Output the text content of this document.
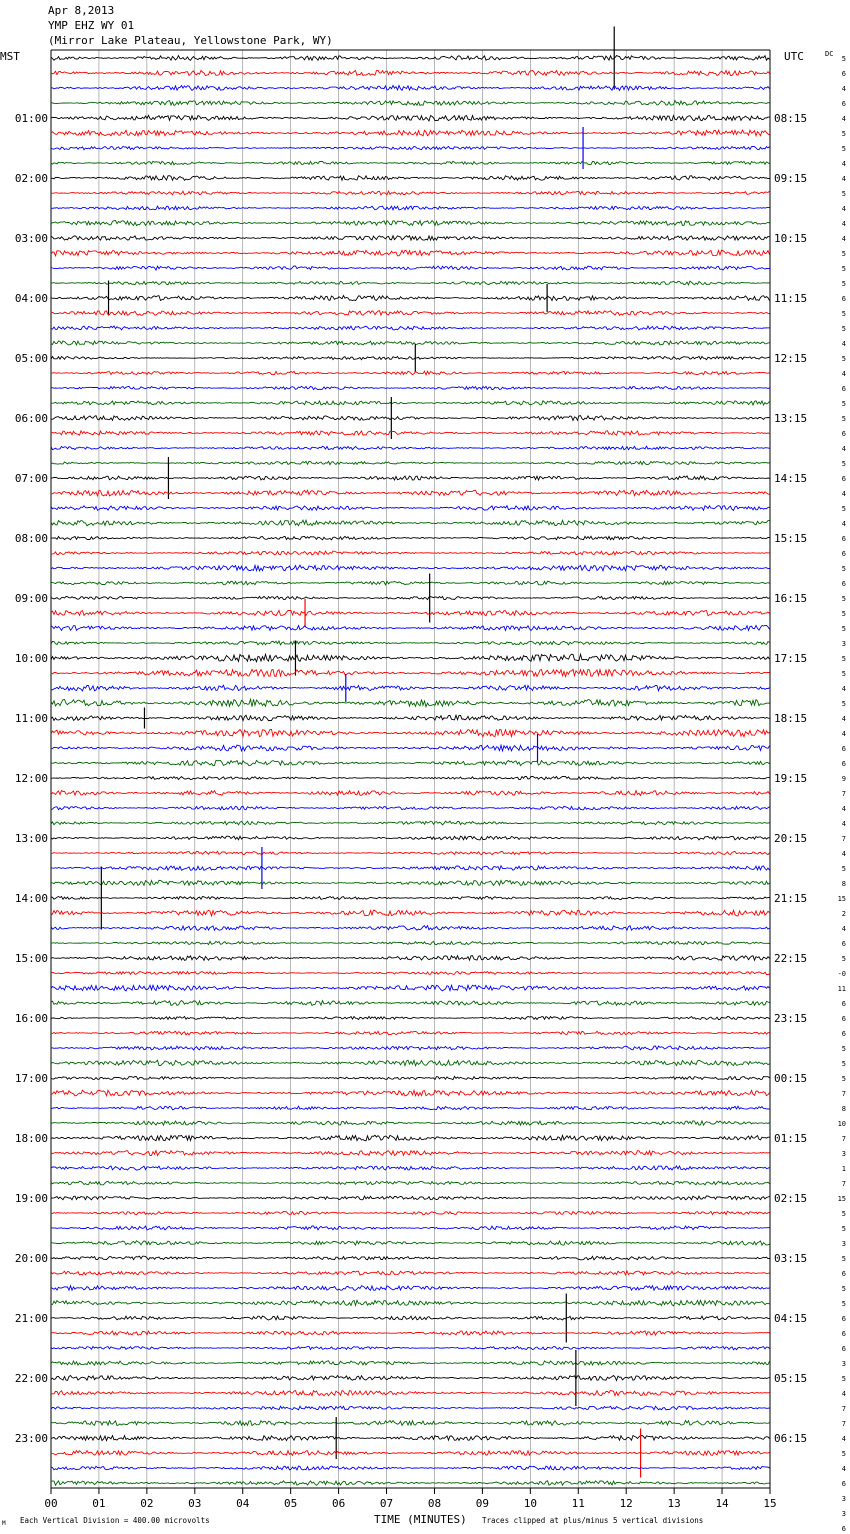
Apr 8,2013
YMP EHZ WY 01
(Mirror Lake Plateau, Yellowstone Park, WY)
01:00
02:00
03:00
04:00
05:00
06:00
07:00
08:00
09:00
10:00
11:00
12:00
13:00
14:00
15:00
16:00
17:00
18:00
19:00
20:00
21:00
22:00
23:00
08:15
09:15
10:15
11:15
12:15
13:15
14:15
15:15
16:15
17:15
18:15
19:15
20:15
21:15
22:15
23:15
00:15
01:15
02:15
03:15
04:15
05:15
06:15
5
6
4
6
4
5
5
4
4
5
4
4
4
5
5
5
6
5
5
4
5
4
6
5
5
6
4
5
6
4
5
4
6
6
5
6
5
5
5
3
5
5
4
5
4
4
6
6
9
7
4
4
7
4
5
8
15
2
4
6
5
-0
11
6
6
6
5
5
5
7
8
10
7
3
1
7
15
5
5
3
5
6
5
5
6
6
6
3
5
4
7
7
4
5
4
6
3
3
6
00	01	02	03	04	05	06	07	08	09	10	11	12	13	14	15
MST	UTC	DC
TIME (MINUTES)
M Each Vertical Division = 400.00 microvolts	Traces clipped at plus/minus 5 vertical divisions
